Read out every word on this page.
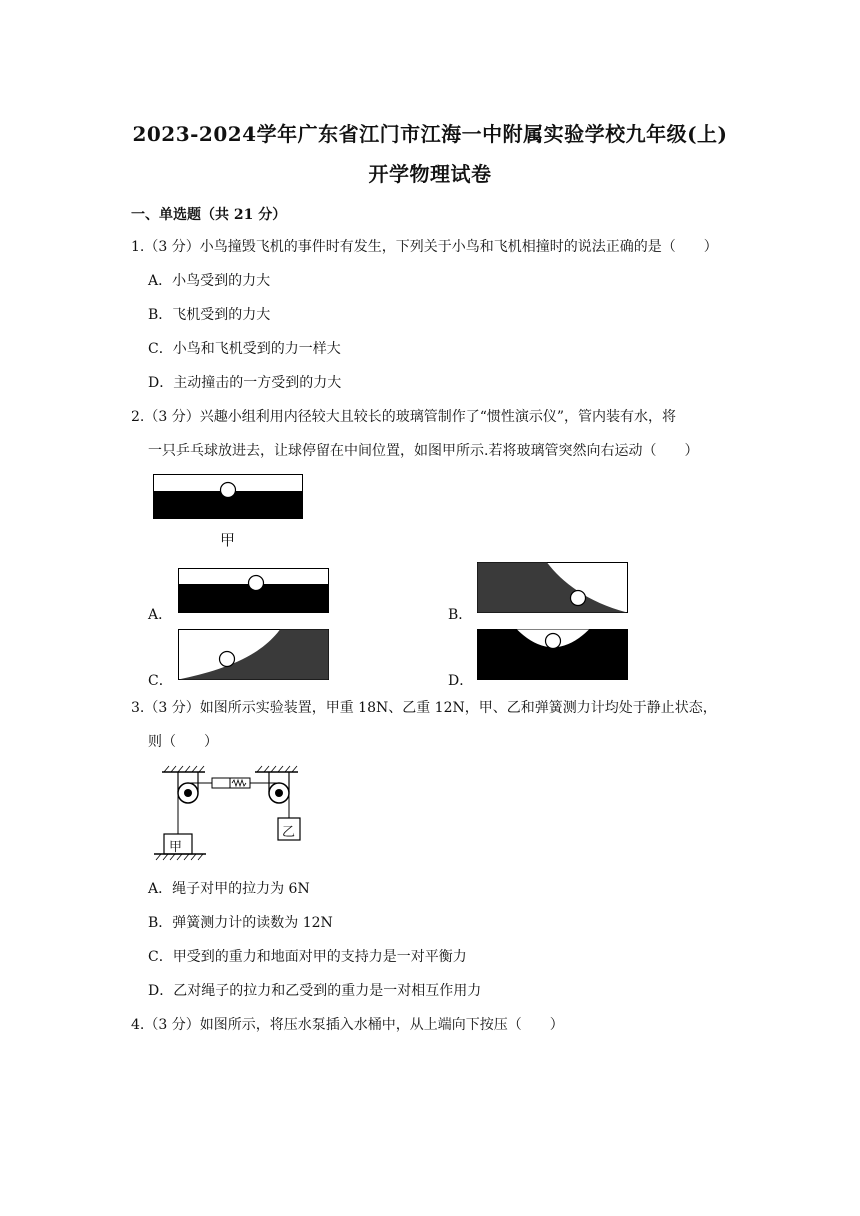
2023-2024学年广东省江门市江海一中附属实验学校九年级(上)
开学物理试卷
一、单选题（共 21 分）
1.（3 分）小鸟撞毁飞机的事件时有发生，下列关于小鸟和飞机相撞时的说法正确的是（　　）
A．小鸟受到的力大
B．飞机受到的力大
C．小鸟和飞机受到的力一样大
D．主动撞击的一方受到的力大
2.（3 分）兴趣小组利用内径较大且较长的玻璃管制作了“惯性演示仪”，管内装有水，将
一只乒乓球放进去，让球停留在中间位置，如图甲所示.若将玻璃管突然向右运动（　　）
甲
A．	B．
C．	D．
3.（3 分）如图所示实验装置，甲重 18N、乙重 12N，甲、乙和弹簧测力计均处于静止状态，
则（　　）
甲
乙
A．绳子对甲的拉力为 6N
B．弹簧测力计的读数为 12N
C．甲受到的重力和地面对甲的支持力是一对平衡力
D．乙对绳子的拉力和乙受到的重力是一对相互作用力
4.（3 分）如图所示，将压水泵插入水桶中，从上端向下按压（　　）
